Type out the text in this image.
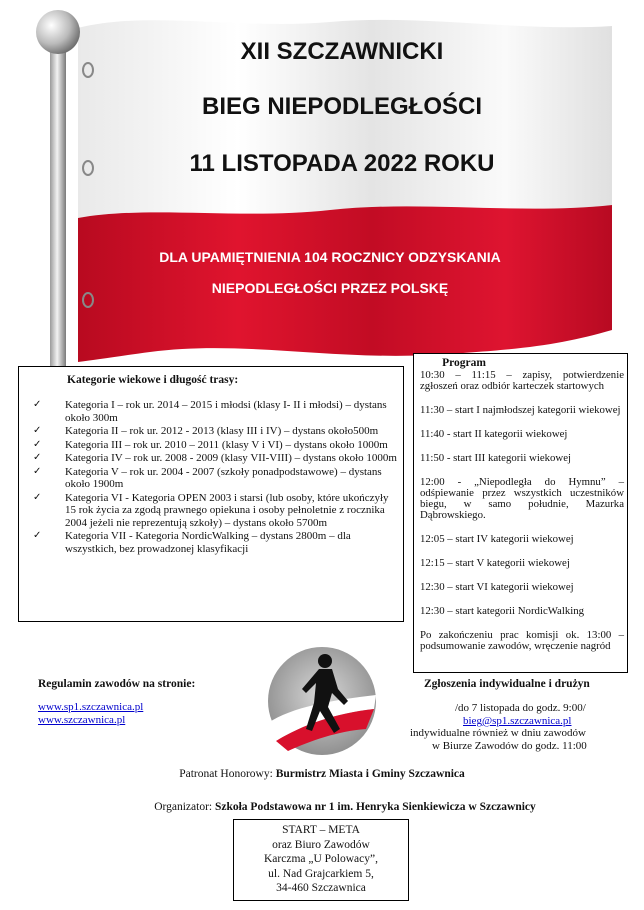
XII SZCZAWNICKI
BIEG NIEPODLEGŁOŚCI
11 LISTOPADA 2022 ROKU
DLA UPAMIĘTNIENIA 104 ROCZNICY ODZYSKANIA
NIEPODLEGŁOŚCI PRZEZ POLSKĘ
Kategorie wiekowe i długość trasy:
✓ Kategoria I – rok ur. 2014 – 2015 i młodsi (klasy I- II i młodsi) – dystans około 300m
✓ Kategoria II – rok ur. 2012 - 2013 (klasy III i IV) – dystans około500m
✓ Kategoria III – rok ur. 2010 – 2011 (klasy V i VI) – dystans około 1000m
✓ Kategoria IV – rok ur. 2008 - 2009 (klasy VII-VIII) – dystans około 1000m
✓ Kategoria V – rok ur. 2004 - 2007 (szkoły ponadpodstawowe) – dystans około 1900m
✓ Kategoria VI - Kategoria OPEN 2003 i starsi (lub osoby, które ukończyły 15 rok życia za zgodą prawnego opiekuna i osoby pełnoletnie z rocznika 2004 jeżeli nie reprezentują szkoły) – dystans około 5700m
✓ Kategoria VII - Kategoria NordicWalking – dystans 2800m – dla wszystkich, bez prowadzonej klasyfikacji
Program
10:30 – 11:15 – zapisy, potwierdzenie zgłoszeń oraz odbiór karteczek startowych
11:30 – start I najmłodszej kategorii wiekowej
11:40 - start II kategorii wiekowej
11:50 - start III kategorii wiekowej
12:00 - „Niepodległa do Hymnu” – odśpiewanie przez wszystkich uczestników biegu, w samo południe, Mazurka Dąbrowskiego.
12:05 – start IV kategorii wiekowej
12:15 – start V kategorii wiekowej
12:30 – start VI kategorii wiekowej
12:30 – start kategorii NordicWalking
Po zakończeniu prac komisji ok. 13:00 – podsumowanie zawodów, wręczenie nagród
Regulamin zawodów na stronie:
www.sp1.szczawnica.pl
www.szczawnica.pl
Zgłoszenia indywidualne i drużyn
/do 7 listopada do godz. 9:00/
bieg@sp1.szczawnica.pl
indywidualne również w dniu zawodów
w Biurze Zawodów do godz. 11:00
Patronat Honorowy: Burmistrz Miasta i Gminy Szczawnica
Organizator: Szkoła Podstawowa nr 1 im. Henryka Sienkiewicza w Szczawnicy
START – META
oraz Biuro Zawodów
Karczma „U Polowacy”,
ul. Nad Grajcarkiem 5,
34-460 Szczawnica
